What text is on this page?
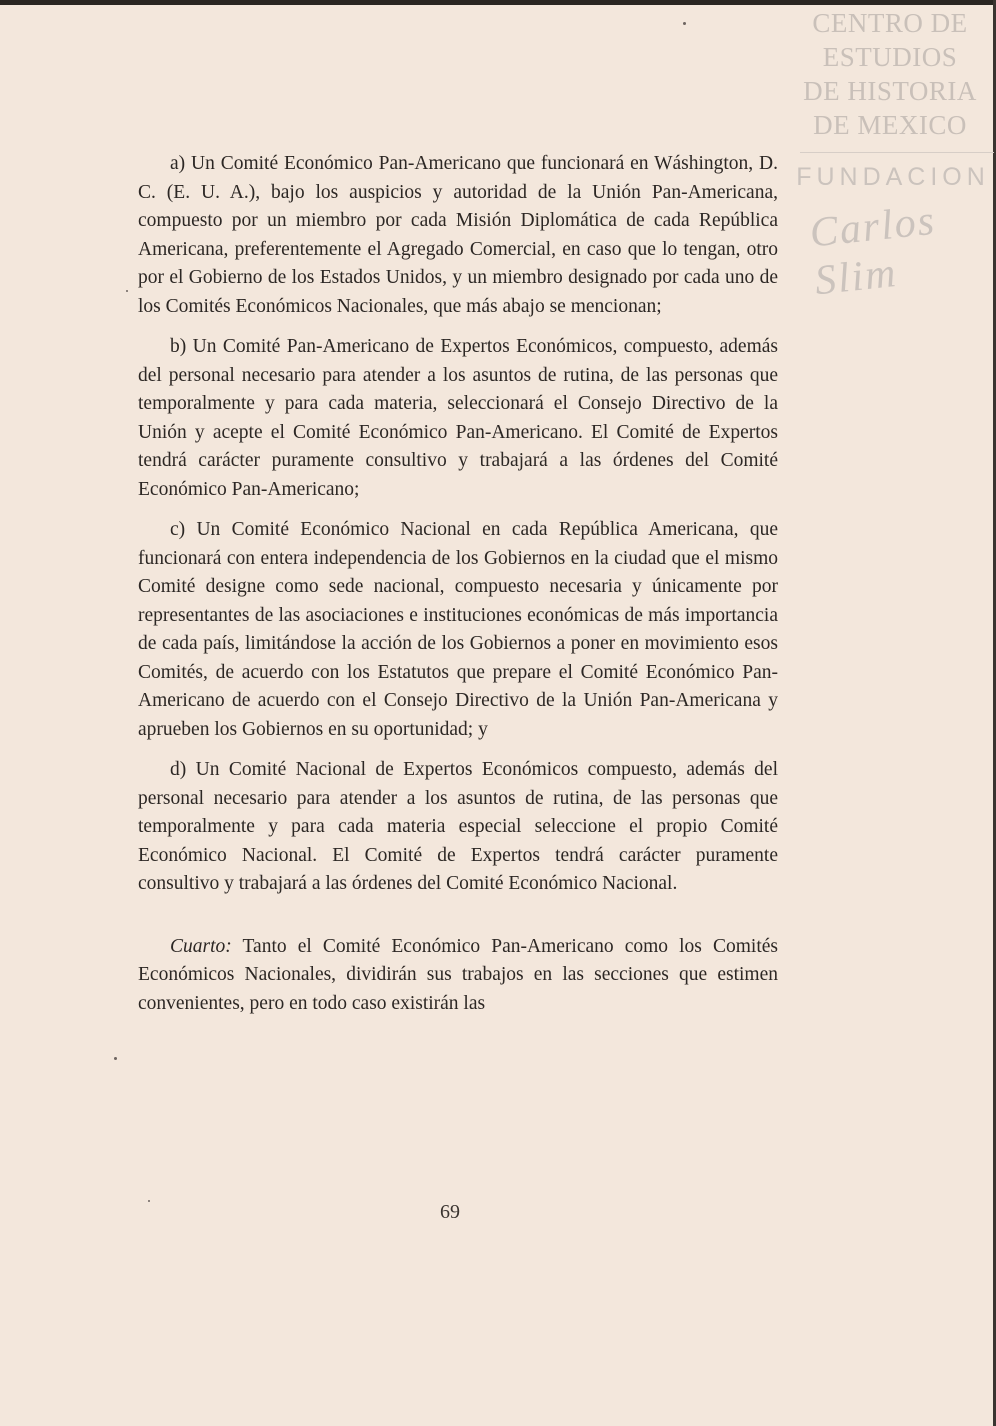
CENTRO DE
ESTUDIOS
DE HISTORIA
DE MEXICO
FUNDACION
Carlos Slim

a) Un Comité Económico Pan-Americano que funcionará en Wáshington, D. C. (E. U. A.), bajo los auspicios y autoridad de la Unión Pan-Americana, compuesto por un miembro por cada Misión Diplomática de cada República Americana, preferentemente el Agregado Comercial, en caso que lo tengan, otro por el Gobierno de los Estados Unidos, y un miembro designado por cada uno de los Comités Económicos Nacionales, que más abajo se mencionan;

b) Un Comité Pan-Americano de Expertos Económicos, compuesto, además del personal necesario para atender a los asuntos de rutina, de las personas que temporalmente y para cada materia, seleccionará el Consejo Directivo de la Unión y acepte el Comité Económico Pan-Americano. El Comité de Expertos tendrá carácter puramente consultivo y trabajará a las órdenes del Comité Económico Pan-Americano;

c) Un Comité Económico Nacional en cada República Americana, que funcionará con entera independencia de los Gobiernos en la ciudad que el mismo Comité designe como sede nacional, compuesto necesaria y únicamente por representantes de las asociaciones e instituciones económicas de más importancia de cada país, limitándose la acción de los Gobiernos a poner en movimiento esos Comités, de acuerdo con los Estatutos que prepare el Comité Económico Pan-Americano de acuerdo con el Consejo Directivo de la Unión Pan-Americana y aprueben los Gobiernos en su oportunidad; y

d) Un Comité Nacional de Expertos Económicos compuesto, además del personal necesario para atender a los asuntos de rutina, de las personas que temporalmente y para cada materia especial seleccione el propio Comité Económico Nacional. El Comité de Expertos tendrá carácter puramente consultivo y trabajará a las órdenes del Comité Económico Nacional.

Cuarto: Tanto el Comité Económico Pan-Americano como los Comités Económicos Nacionales, dividirán sus trabajos en las secciones que estimen convenientes, pero en todo caso existirán las

69
